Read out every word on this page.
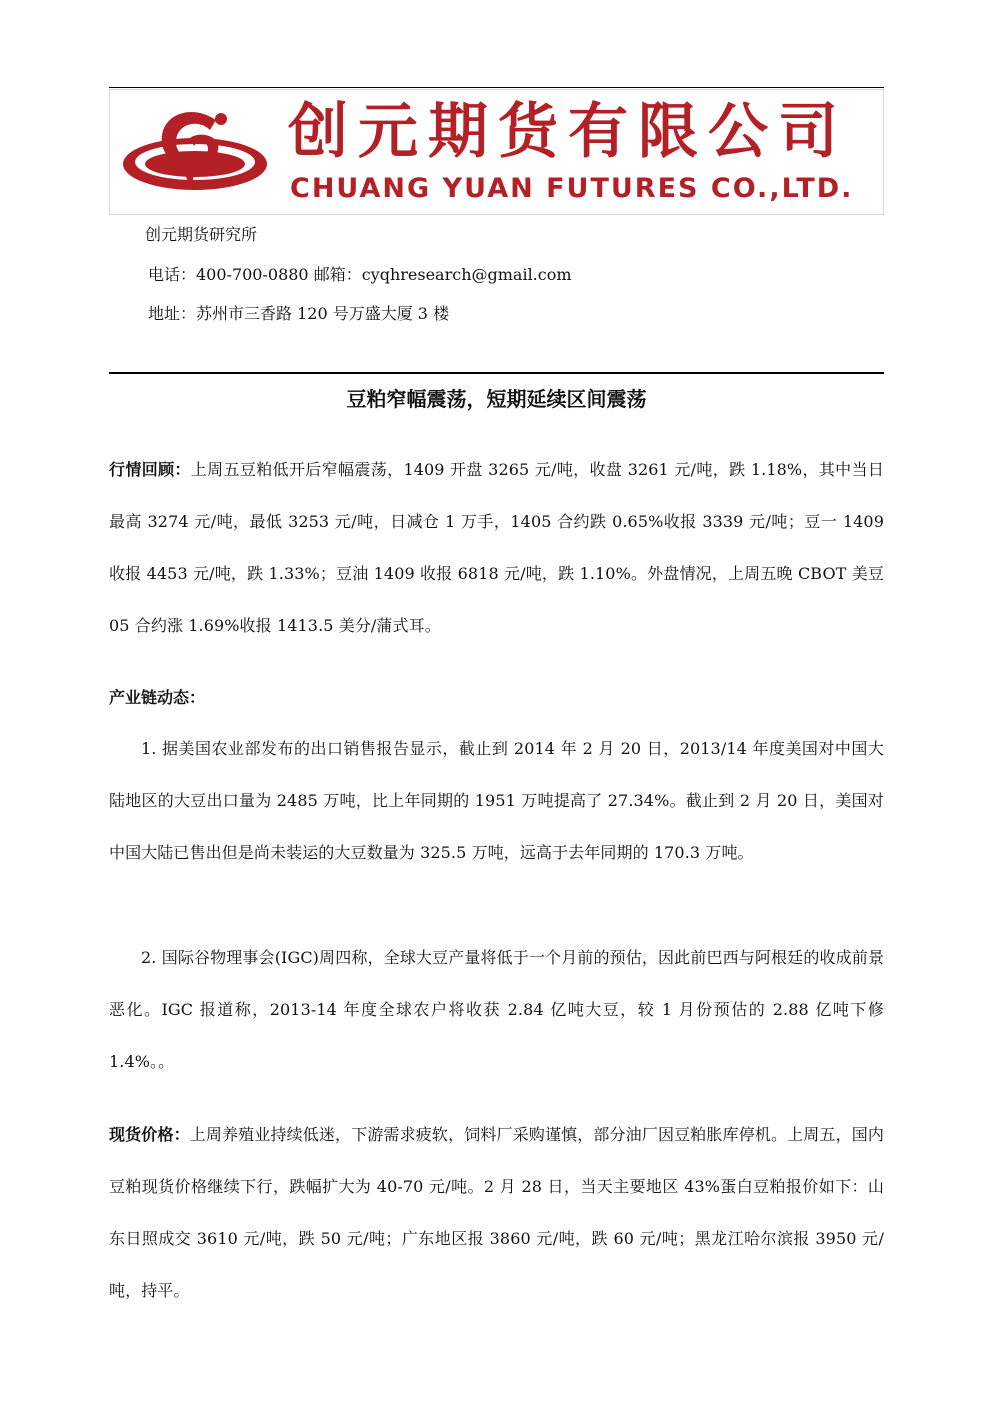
创元期货有限公司
CHUANG YUAN FUTURES CO.,LTD.
创元期货研究所
电话：400-700-0880 邮箱：cyqhresearch@gmail.com
地址：苏州市三香路 120 号万盛大厦 3 楼
豆粕窄幅震荡，短期延续区间震荡

行情回顾：上周五豆粕低开后窄幅震荡，1409 开盘 3265 元/吨，收盘 3261 元/吨，跌 1.18%，其中当日最高 3274 元/吨，最低 3253 元/吨，日减仓 1 万手，1405 合约跌 0.65%收报 3339 元/吨；豆一 1409 收报 4453 元/吨，跌 1.33%；豆油 1409 收报 6818 元/吨，跌 1.10%。外盘情况，上周五晚 CBOT 美豆 05 合约涨 1.69%收报 1413.5 美分/蒲式耳。

产业链动态：

1. 据美国农业部发布的出口销售报告显示，截止到 2014 年 2 月 20 日，2013/14 年度美国对中国大陆地区的大豆出口量为 2485 万吨，比上年同期的 1951 万吨提高了 27.34%。截止到 2 月 20 日，美国对中国大陆已售出但是尚未装运的大豆数量为 325.5 万吨，远高于去年同期的 170.3 万吨。

2. 国际谷物理事会(IGC)周四称，全球大豆产量将低于一个月前的预估，因此前巴西与阿根廷的收成前景恶化。IGC 报道称，2013-14 年度全球农户将收获 2.84 亿吨大豆，较 1 月份预估的 2.88 亿吨下修 1.4%。。

现货价格：上周养殖业持续低迷，下游需求疲软，饲料厂采购谨慎，部分油厂因豆粕胀库停机。上周五，国内豆粕现货价格继续下行，跌幅扩大为 40-70 元/吨。2 月 28 日，当天主要地区 43%蛋白豆粕报价如下：山东日照成交 3610 元/吨，跌 50 元/吨；广东地区报 3860 元/吨，跌 60 元/吨；黑龙江哈尔滨报 3950 元/吨，持平。
